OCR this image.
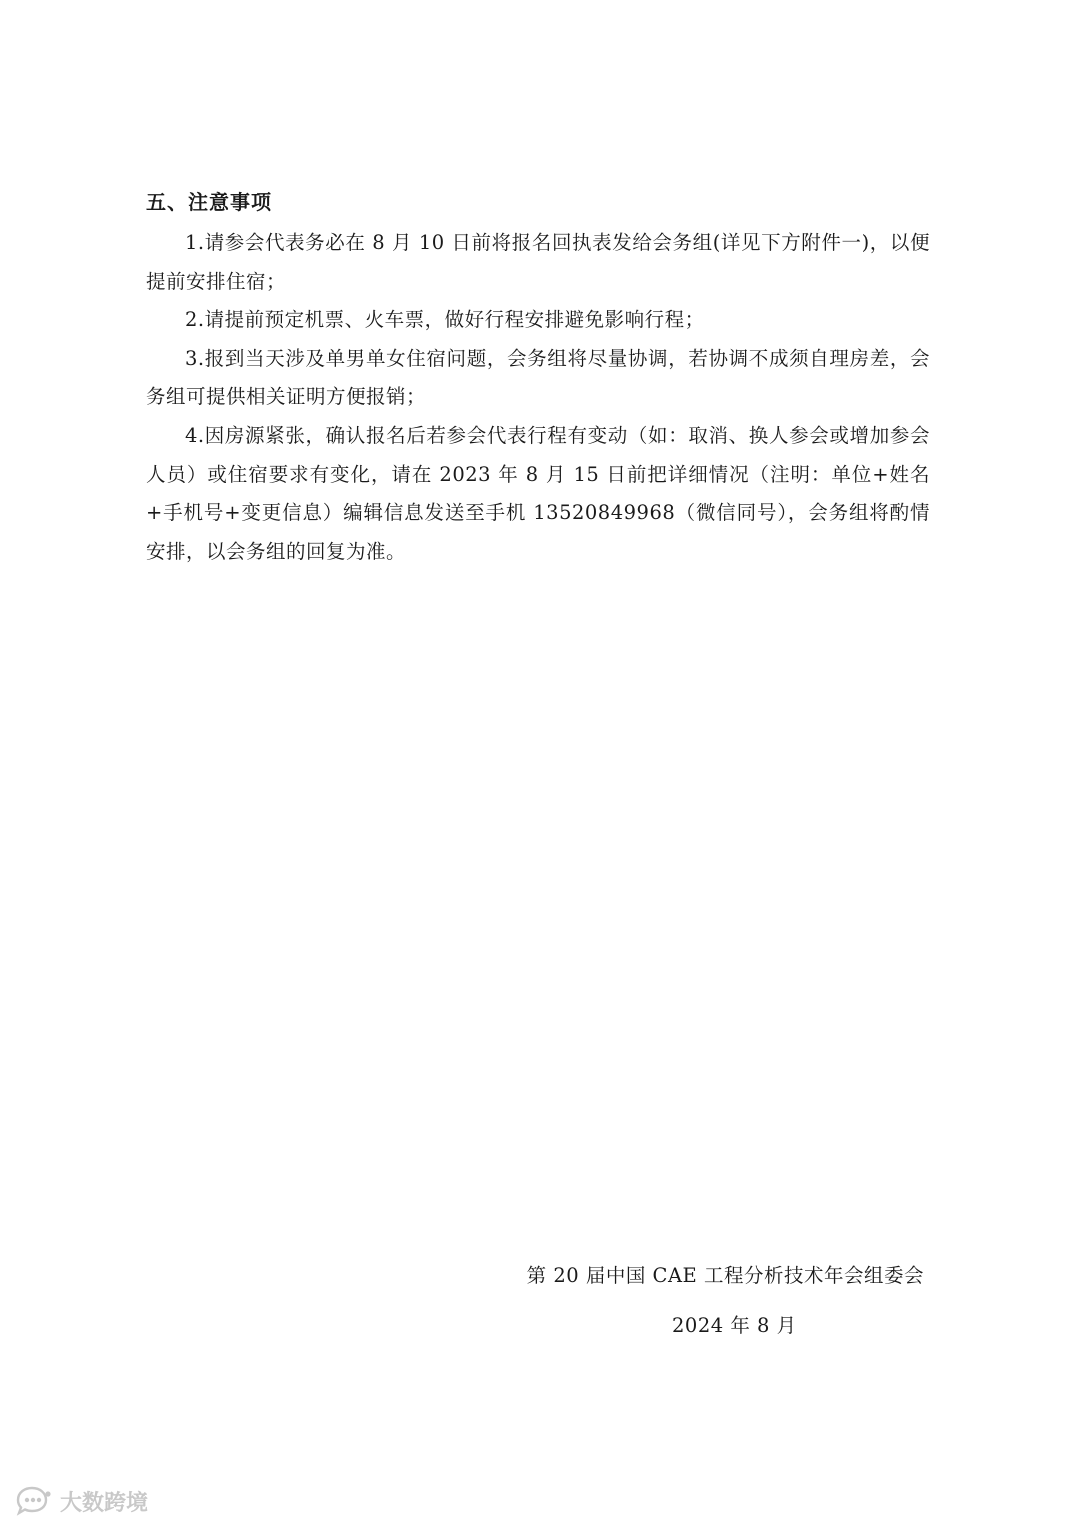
五、注意事项

1.请参会代表务必在 8 月 10 日前将报名回执表发给会务组(详见下方附件一)，以便提前安排住宿；

2.请提前预定机票、火车票，做好行程安排避免影响行程；

3.报到当天涉及单男单女住宿问题，会务组将尽量协调，若协调不成须自理房差，会务组可提供相关证明方便报销；

4.因房源紧张，确认报名后若参会代表行程有变动（如：取消、换人参会或增加参会人员）或住宿要求有变化，请在 2023 年 8 月 15 日前把详细情况（注明：单位+姓名+手机号+变更信息）编辑信息发送至手机 13520849968（微信同号），会务组将酌情安排，以会务组的回复为准。

第 20 届中国 CAE 工程分析技术年会组委会
2024 年 8 月
大数跨境
